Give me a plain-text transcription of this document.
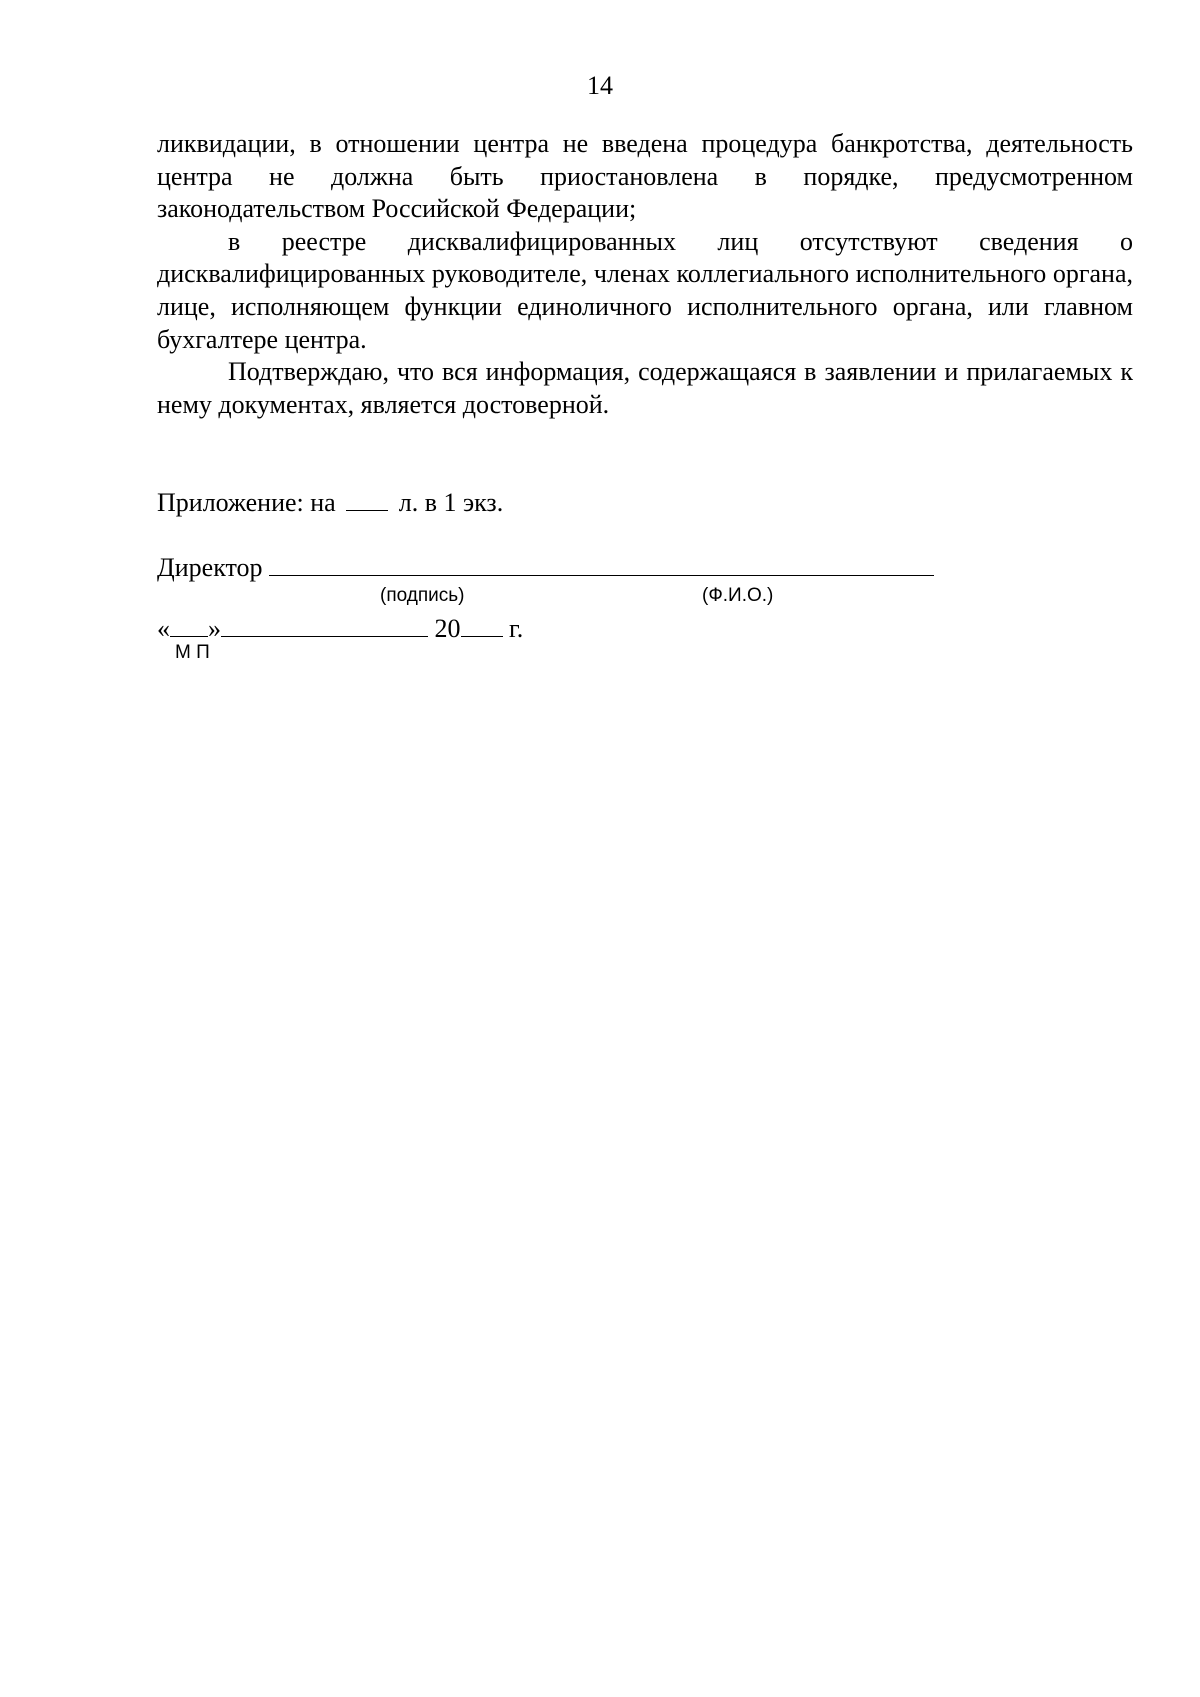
14

ликвидации, в отношении центра не введена процедура банкротства, деятельность центра не должна быть приостановлена в порядке, предусмотренном законодательством Российской Федерации;

в реестре дисквалифицированных лиц отсутствуют сведения о дисквалифицированных руководителе, членах коллегиального исполнительного органа, лице, исполняющем функции единоличного исполнительного органа, или главном бухгалтере центра.

Подтверждаю, что вся информация, содержащаяся в заявлении и прилагаемых к нему документах, является достоверной.

Приложение: на л. в 1 экз.
Директор
(подпись)	(Ф.И.О.)
« »	20 г.
М П
